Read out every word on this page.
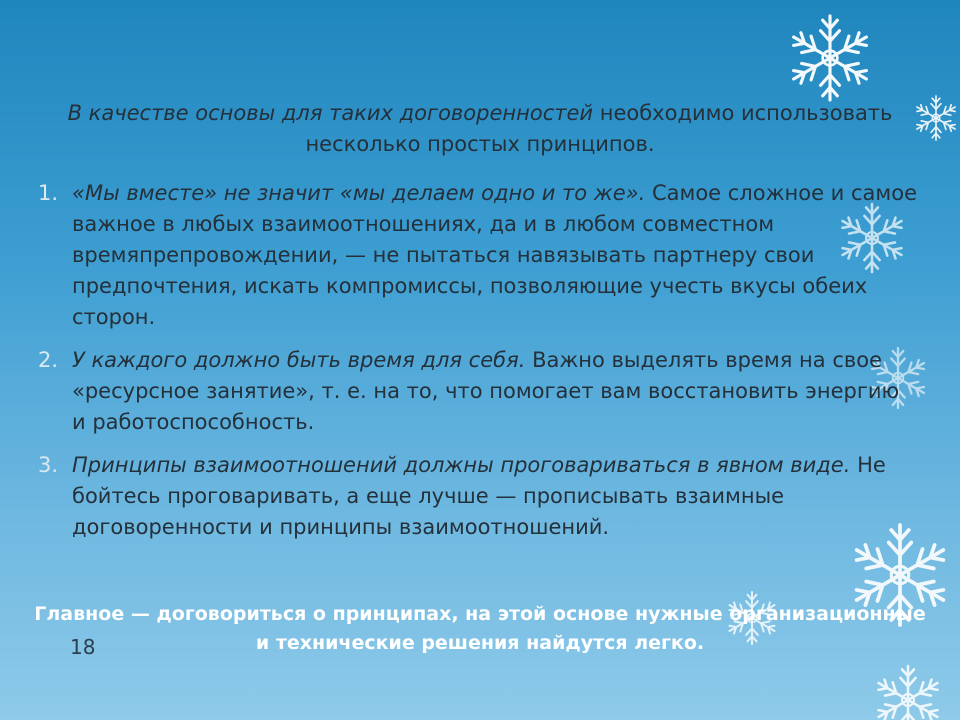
В качестве основы для таких договоренностей необходимо использовать несколько простых принципов.
1. «Мы вместе» не значит «мы делаем одно и то же». Самое сложное и самое важное в любых взаимоотношениях, да и в любом совместном времяпрепровождении, — не пытаться навязывать партнеру свои предпочтения, искать компромиссы, позволяющие учесть вкусы обеих сторон.
2. У каждого должно быть время для себя. Важно выделять время на свое «ресурсное занятие», т. е. на то, что помогает вам восстановить энергию и работоспособность.
3. Принципы взаимоотношений должны проговариваться в явном виде. Не бойтесь проговаривать, а еще лучше — прописывать взаимные договоренности и принципы взаимоотношений.
Главное — договориться о принципах, на этой основе нужные организационные и технические решения найдутся легко.
18
